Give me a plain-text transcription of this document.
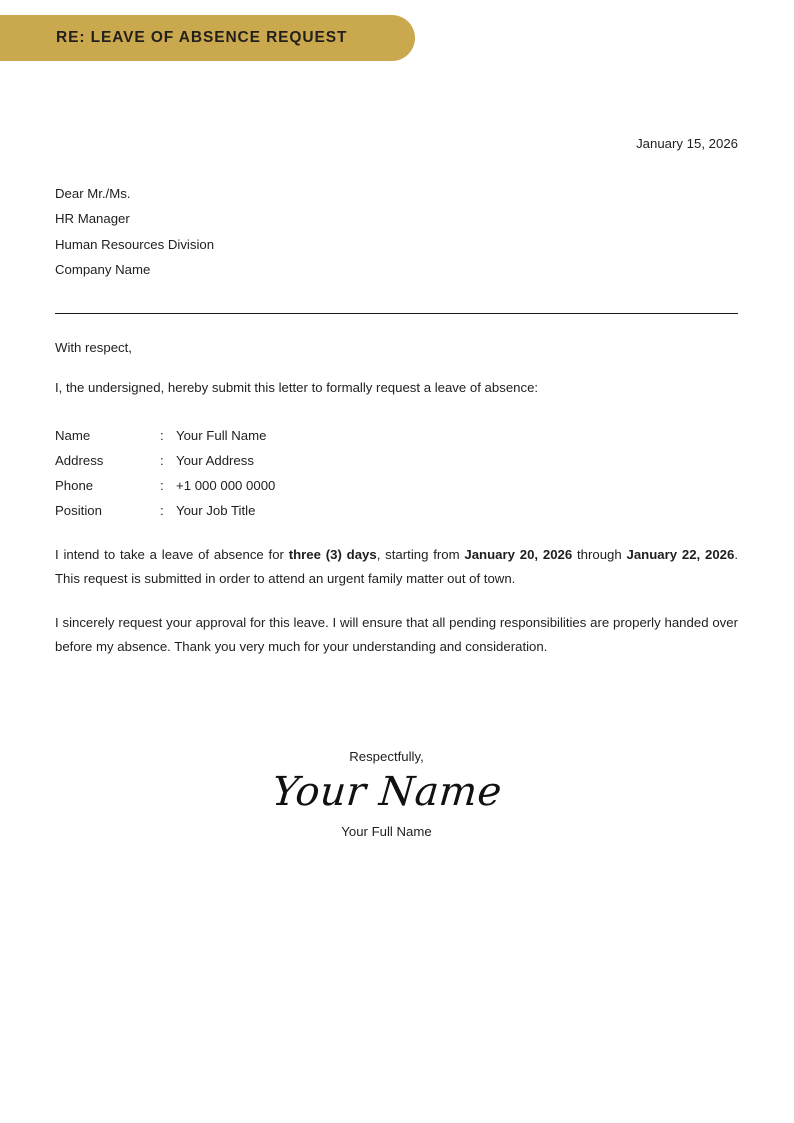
RE: LEAVE OF ABSENCE REQUEST
January 15, 2026
Dear Mr./Ms.
HR Manager
Human Resources Division
Company Name
With respect,
I, the undersigned, hereby submit this letter to formally request a leave of absence:
Name	:	Your Full Name
Address	:	Your Address
Phone	:	+1 000 000 0000
Position	:	Your Job Title
I intend to take a leave of absence for three (3) days, starting from January 20, 2026 through January 22, 2026. This request is submitted in order to attend an urgent family matter out of town.
I sincerely request your approval for this leave. I will ensure that all pending responsibilities are properly handed over before my absence. Thank you very much for your understanding and consideration.
Respectfully,
Your Name
Your Full Name
